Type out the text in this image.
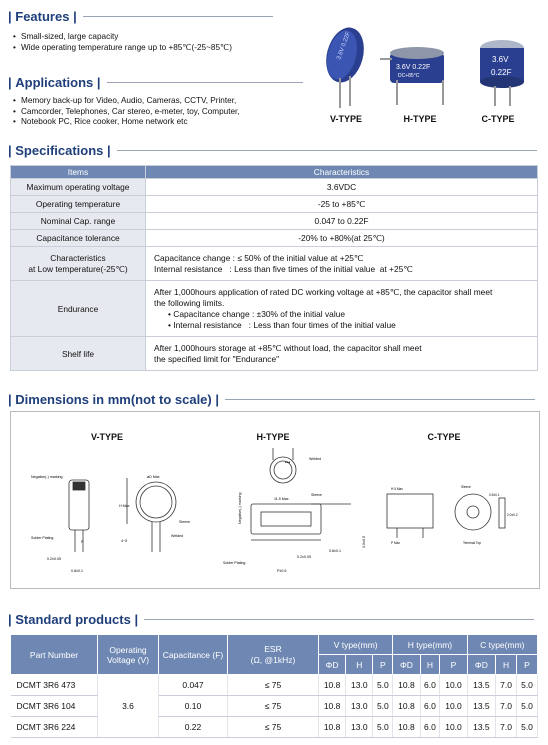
|
Features
|
• Small-sized, large capacity
• Wide operating temperature range up to +85℃(-25~85℃)
|
Applications
|
• Memory back-up for Video, Audio, Cameras, CCTV, Printer,
• Camcorder, Telephones, Car stereo, e-meter, toy, Computer,
• Notebook PC, Rice cooker, Home network etc
3.6V 0.22F
3.6V 0.22F
DC+85°C
3.6V
0.22F
V-TYPE	H-TYPE	C-TYPE
|
Specifications
|
Items	Characteristics
Maximum operating voltage	3.6VDC
Operating temperature	-25 to +85℃
Nominal Cap. range	0.047 to 0.22F
Capacitance tolerance	-20% to +80%(at 25℃)
Characteristics
at Low temperature(-25℃)	Capacitance change : ≤ 50% of the initial value at +25℃
Internal resistance   : Less than five times of the initial value  at +25℃
Endurance	After 1,000hours application of rated DC working voltage at +85℃, the capacitor shall meet
the following limits.
• Capacitance change : ±30% of the initial value
• Internal resistance   : Less than four times of the initial value
Shelf life	After 1,000hours storage at +85℃ without load, the capacitor shall meet
the specified limit for "Endurance"
|
Dimensions in mm(not to scale)
|
V-TYPE	H-TYPE	C-TYPE
Negative(-) marking
Solder Plating
0.2±0.05
P
0.8±0.1
øD Max
H Max
4~5
Sleeve
Welded
•••
Welded
11.5 Max
Sleeve
Negative(-) marking
0.2±0.05
0.8±0.1
P±0.5
Solder Plating
3.0±0.5
H.5 Max	Sleeve
P Max	Terminal Top
0.5±0.1
2.0±0.2
|
Standard products
|
Part Number	Operating Voltage (V)	Capacitance (F)	ESR
(Ω, @1kHz)	V type(mm)			H type(mm)			C type(mm)		
				ΦD	H	P	ΦD	H	P	ΦD	H	P
DCMT 3R6 473	3.6	0.047	≤ 75	10.8	13.0	5.0	10.8	6.0	10.0	13.5	7.0	5.0
DCMT 3R6 104		0.10	≤ 75	10.8	13.0	5.0	10.8	6.0	10.0	13.5	7.0	5.0
DCMT 3R6 224		0.22	≤ 75	10.8	13.0	5.0	10.8	6.0	10.0	13.5	7.0	5.0
